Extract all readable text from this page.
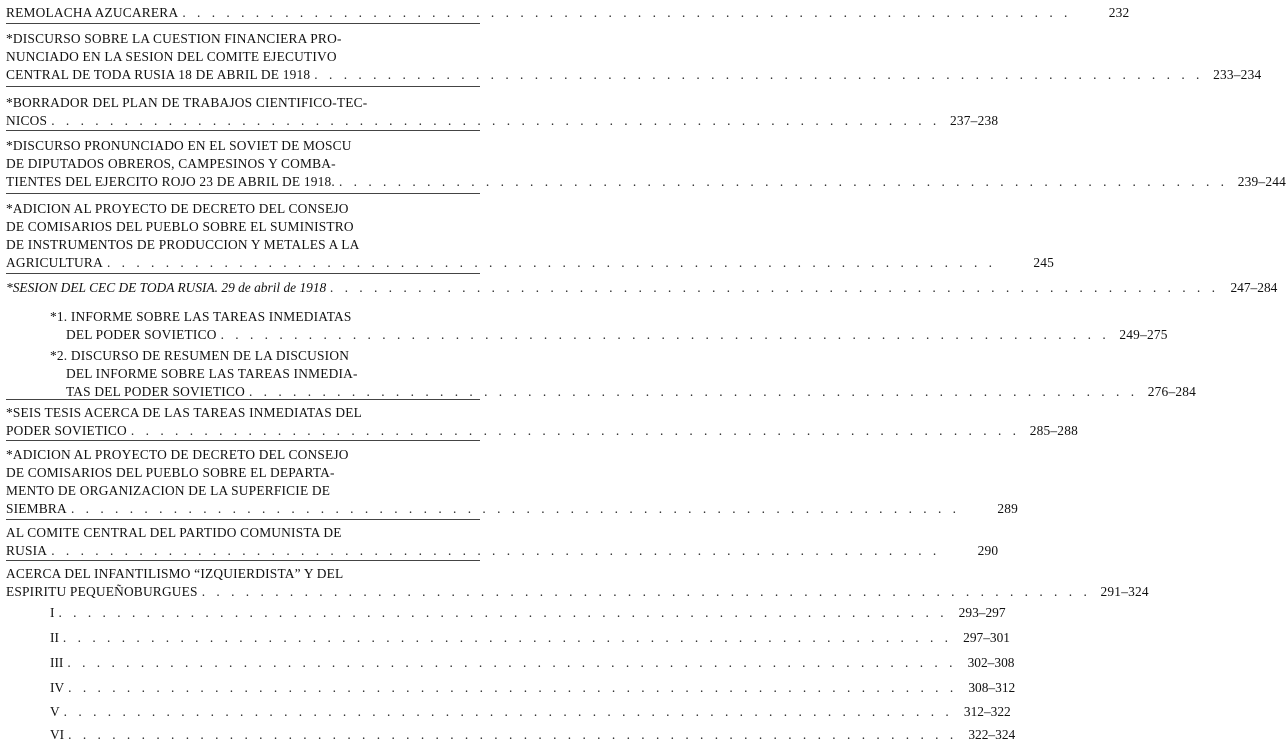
REMOLACHA AZUCARERA . . . . . . . . . . . . . . . . . . . . . . . . . . . . . . . . . . . . . . . . . . . . . . . . . . . . . . . . . . . . .	232
*DISCURSO SOBRE LA CUESTION FINANCIERA PRO-
NUNCIADO EN LA SESION DEL COMITE EJECUTIVO
CENTRAL DE TODA RUSIA 18 DE ABRIL DE 1918 . . . . . . . . . . . . . . . . . . . . . . . . . . . . . . . . . . . . . . . . . . . . . . . . . . . . . . . . . . . . . 233–234
*BORRADOR DEL PLAN DE TRABAJOS CIENTIFICO-TEC-
NICOS . . . . . . . . . . . . . . . . . . . . . . . . . . . . . . . . . . . . . . . . . . . . . . . . . . . . . . . . . . . . . 237–238
*DISCURSO PRONUNCIADO EN EL SOVIET DE MOSCU
DE DIPUTADOS OBREROS, CAMPESINOS Y COMBA-
TIENTES DEL EJERCITO ROJO 23 DE ABRIL DE 1918. . . . . . . . . . . . . . . . . . . . . . . . . . . . . . . . . . . . . . . . . . . . . . . . . . . . . . . . . . . . . . 239–244
*ADICION AL PROYECTO DE DECRETO DEL CONSEJO
DE COMISARIOS DEL PUEBLO SOBRE EL SUMINISTRO
DE INSTRUMENTOS DE PRODUCCION Y METALES A LA
AGRICULTURA . . . . . . . . . . . . . . . . . . . . . . . . . . . . . . . . . . . . . . . . . . . . . . . . . . . . . . . . . . . . .	245
*SESION DEL CEC DE TODA RUSIA. 29 de abril de 1918 . . . . . . . . . . . . . . . . . . . . . . . . . . . . . . . . . . . . . . . . . . . . . . . . . . . . . . . . . . . . . 247–284
*1. INFORME SOBRE LAS TAREAS INMEDIATAS
DEL PODER SOVIETICO . . . . . . . . . . . . . . . . . . . . . . . . . . . . . . . . . . . . . . . . . . . . . . . . . . . . . . . . . . . . . 249–275
*2. DISCURSO DE RESUMEN DE LA DISCUSION
DEL INFORME SOBRE LAS TAREAS INMEDIA-
TAS DEL PODER SOVIETICO . . . . . . . . . . . . . . . . . . . . . . . . . . . . . . . . . . . . . . . . . . . . . . . . . . . . . . . . . . . . . 276–284
*SEIS TESIS ACERCA DE LAS TAREAS INMEDIATAS DEL
PODER SOVIETICO . . . . . . . . . . . . . . . . . . . . . . . . . . . . . . . . . . . . . . . . . . . . . . . . . . . . . . . . . . . . . 285–288
*ADICION AL PROYECTO DE DECRETO DEL CONSEJO
DE COMISARIOS DEL PUEBLO SOBRE EL DEPARTA-
MENTO DE ORGANIZACION DE LA SUPERFICIE DE
SIEMBRA . . . . . . . . . . . . . . . . . . . . . . . . . . . . . . . . . . . . . . . . . . . . . . . . . . . . . . . . . . . . .	289
AL COMITE CENTRAL DEL PARTIDO COMUNISTA DE
RUSIA . . . . . . . . . . . . . . . . . . . . . . . . . . . . . . . . . . . . . . . . . . . . . . . . . . . . . . . . . . . . .	290
ACERCA DEL INFANTILISMO “IZQUIERDISTA” Y DEL
ESPIRITU PEQUEÑOBURGUES . . . . . . . . . . . . . . . . . . . . . . . . . . . . . . . . . . . . . . . . . . . . . . . . . . . . . . . . . . . . . 291–324
I . . . . . . . . . . . . . . . . . . . . . . . . . . . . . . . . . . . . . . . . . . . . . . . . . . . . . . . . . . . . . 293–297
II . . . . . . . . . . . . . . . . . . . . . . . . . . . . . . . . . . . . . . . . . . . . . . . . . . . . . . . . . . . . . 297–301
III . . . . . . . . . . . . . . . . . . . . . . . . . . . . . . . . . . . . . . . . . . . . . . . . . . . . . . . . . . . . . 302–308
IV . . . . . . . . . . . . . . . . . . . . . . . . . . . . . . . . . . . . . . . . . . . . . . . . . . . . . . . . . . . . . 308–312
V . . . . . . . . . . . . . . . . . . . . . . . . . . . . . . . . . . . . . . . . . . . . . . . . . . . . . . . . . . . . . 312–322
VI . . . . . . . . . . . . . . . . . . . . . . . . . . . . . . . . . . . . . . . . . . . . . . . . . . . . . . . . . . . . . 322–324
